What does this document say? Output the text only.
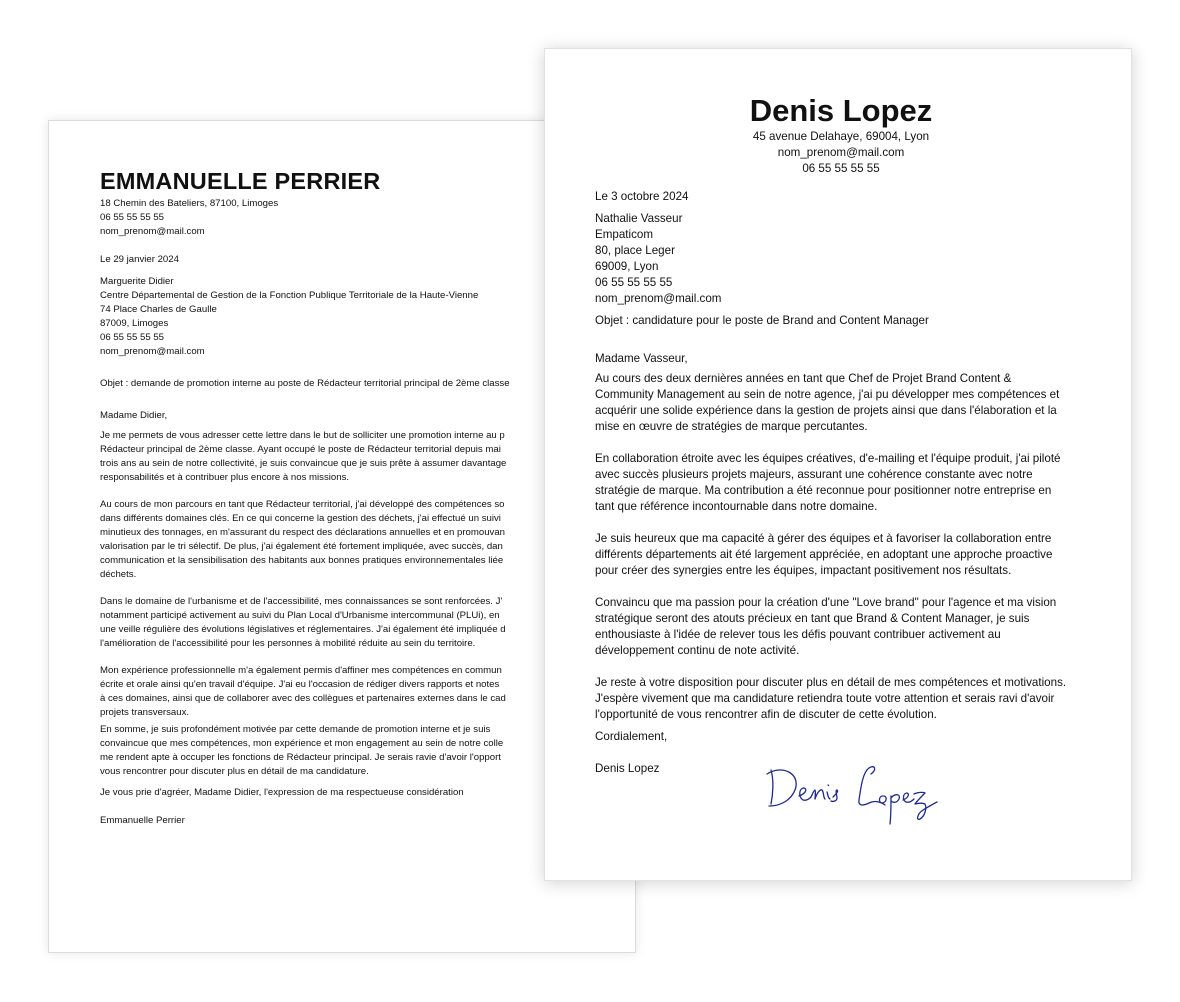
EMMANUELLE PERRIER
18 Chemin des Bateliers, 87100, Limoges
06 55 55 55 55
nom_prenom@mail.com
Le 29 janvier 2024
Marguerite Didier
Centre Départemental de Gestion de la Fonction Publique Territoriale de la Haute-Vienne
74 Place Charles de Gaulle
87009, Limoges
06 55 55 55 55
nom_prenom@mail.com
Objet : demande de promotion interne au poste de Rédacteur territorial principal de 2ème classe
Madame Didier,
Je me permets de vous adresser cette lettre dans le but de solliciter une promotion interne au p
Rédacteur principal de 2ème classe. Ayant occupé le poste de Rédacteur territorial depuis mai
trois ans au sein de notre collectivité, je suis convaincue que je suis prête à assumer davantage
responsabilités et à contribuer plus encore à nos missions.
Au cours de mon parcours en tant que Rédacteur territorial, j'ai développé des compétences so
dans différents domaines clés. En ce qui concerne la gestion des déchets, j'ai effectué un suivi
minutieux des tonnages, en m'assurant du respect des déclarations annuelles et en promouvan
valorisation par le tri sélectif. De plus, j'ai également été fortement impliquée, avec succès, dan
communication et la sensibilisation des habitants aux bonnes pratiques environnementales liée
déchets.
Dans le domaine de l'urbanisme et de l'accessibilité, mes connaissances se sont renforcées. J'
notamment participé activement au suivi du Plan Local d'Urbanisme intercommunal (PLUi), en
une veille régulière des évolutions législatives et réglementaires. J'ai également été impliquée d
l'amélioration de l'accessibilité pour les personnes à mobilité réduite au sein du territoire.
Mon expérience professionnelle m'a également permis d'affiner mes compétences en commun
écrite et orale ainsi qu'en travail d'équipe. J'ai eu l'occasion de rédiger divers rapports et notes
à ces domaines, ainsi que de collaborer avec des collègues et partenaires externes dans le cad
projets transversaux.
En somme, je suis profondément motivée par cette demande de promotion interne et je suis
convaincue que mes compétences, mon expérience et mon engagement au sein de notre colle
me rendent apte à occuper les fonctions de Rédacteur principal. Je serais ravie d'avoir l'opport
vous rencontrer pour discuter plus en détail de ma candidature.
Je vous prie d'agréer, Madame Didier, l'expression de ma respectueuse considération
Emmanuelle Perrier
Denis Lopez
45 avenue Delahaye, 69004, Lyon
nom_prenom@mail.com
06 55 55 55 55
Le 3 octobre 2024
Nathalie Vasseur
Empaticom
80, place Leger
69009, Lyon
06 55 55 55 55
nom_prenom@mail.com
Objet : candidature pour le poste de Brand and Content Manager
Madame Vasseur,
Au cours des deux dernières années en tant que Chef de Projet Brand Content &
Community Management au sein de notre agence, j'ai pu développer mes compétences et
acquérir une solide expérience dans la gestion de projets ainsi que dans l'élaboration et la
mise en œuvre de stratégies de marque percutantes.
En collaboration étroite avec les équipes créatives, d'e-mailing et l'équipe produit, j'ai piloté
avec succès plusieurs projets majeurs, assurant une cohérence constante avec notre
stratégie de marque. Ma contribution a été reconnue pour positionner notre entreprise en
tant que référence incontournable dans notre domaine.
Je suis heureux que ma capacité à gérer des équipes et à favoriser la collaboration entre
différents départements ait été largement appréciée, en adoptant une approche proactive
pour créer des synergies entre les équipes, impactant positivement nos résultats.
Convaincu que ma passion pour la création d'une "Love brand" pour l'agence et ma vision
stratégique seront des atouts précieux en tant que Brand & Content Manager, je suis
enthousiaste à l'idée de relever tous les défis pouvant contribuer activement au
développement continu de note activité.
Je reste à votre disposition pour discuter plus en détail de mes compétences et motivations.
J'espère vivement que ma candidature retiendra toute votre attention et serais ravi d'avoir
l'opportunité de vous rencontrer afin de discuter de cette évolution.
Cordialement,
Denis Lopez
